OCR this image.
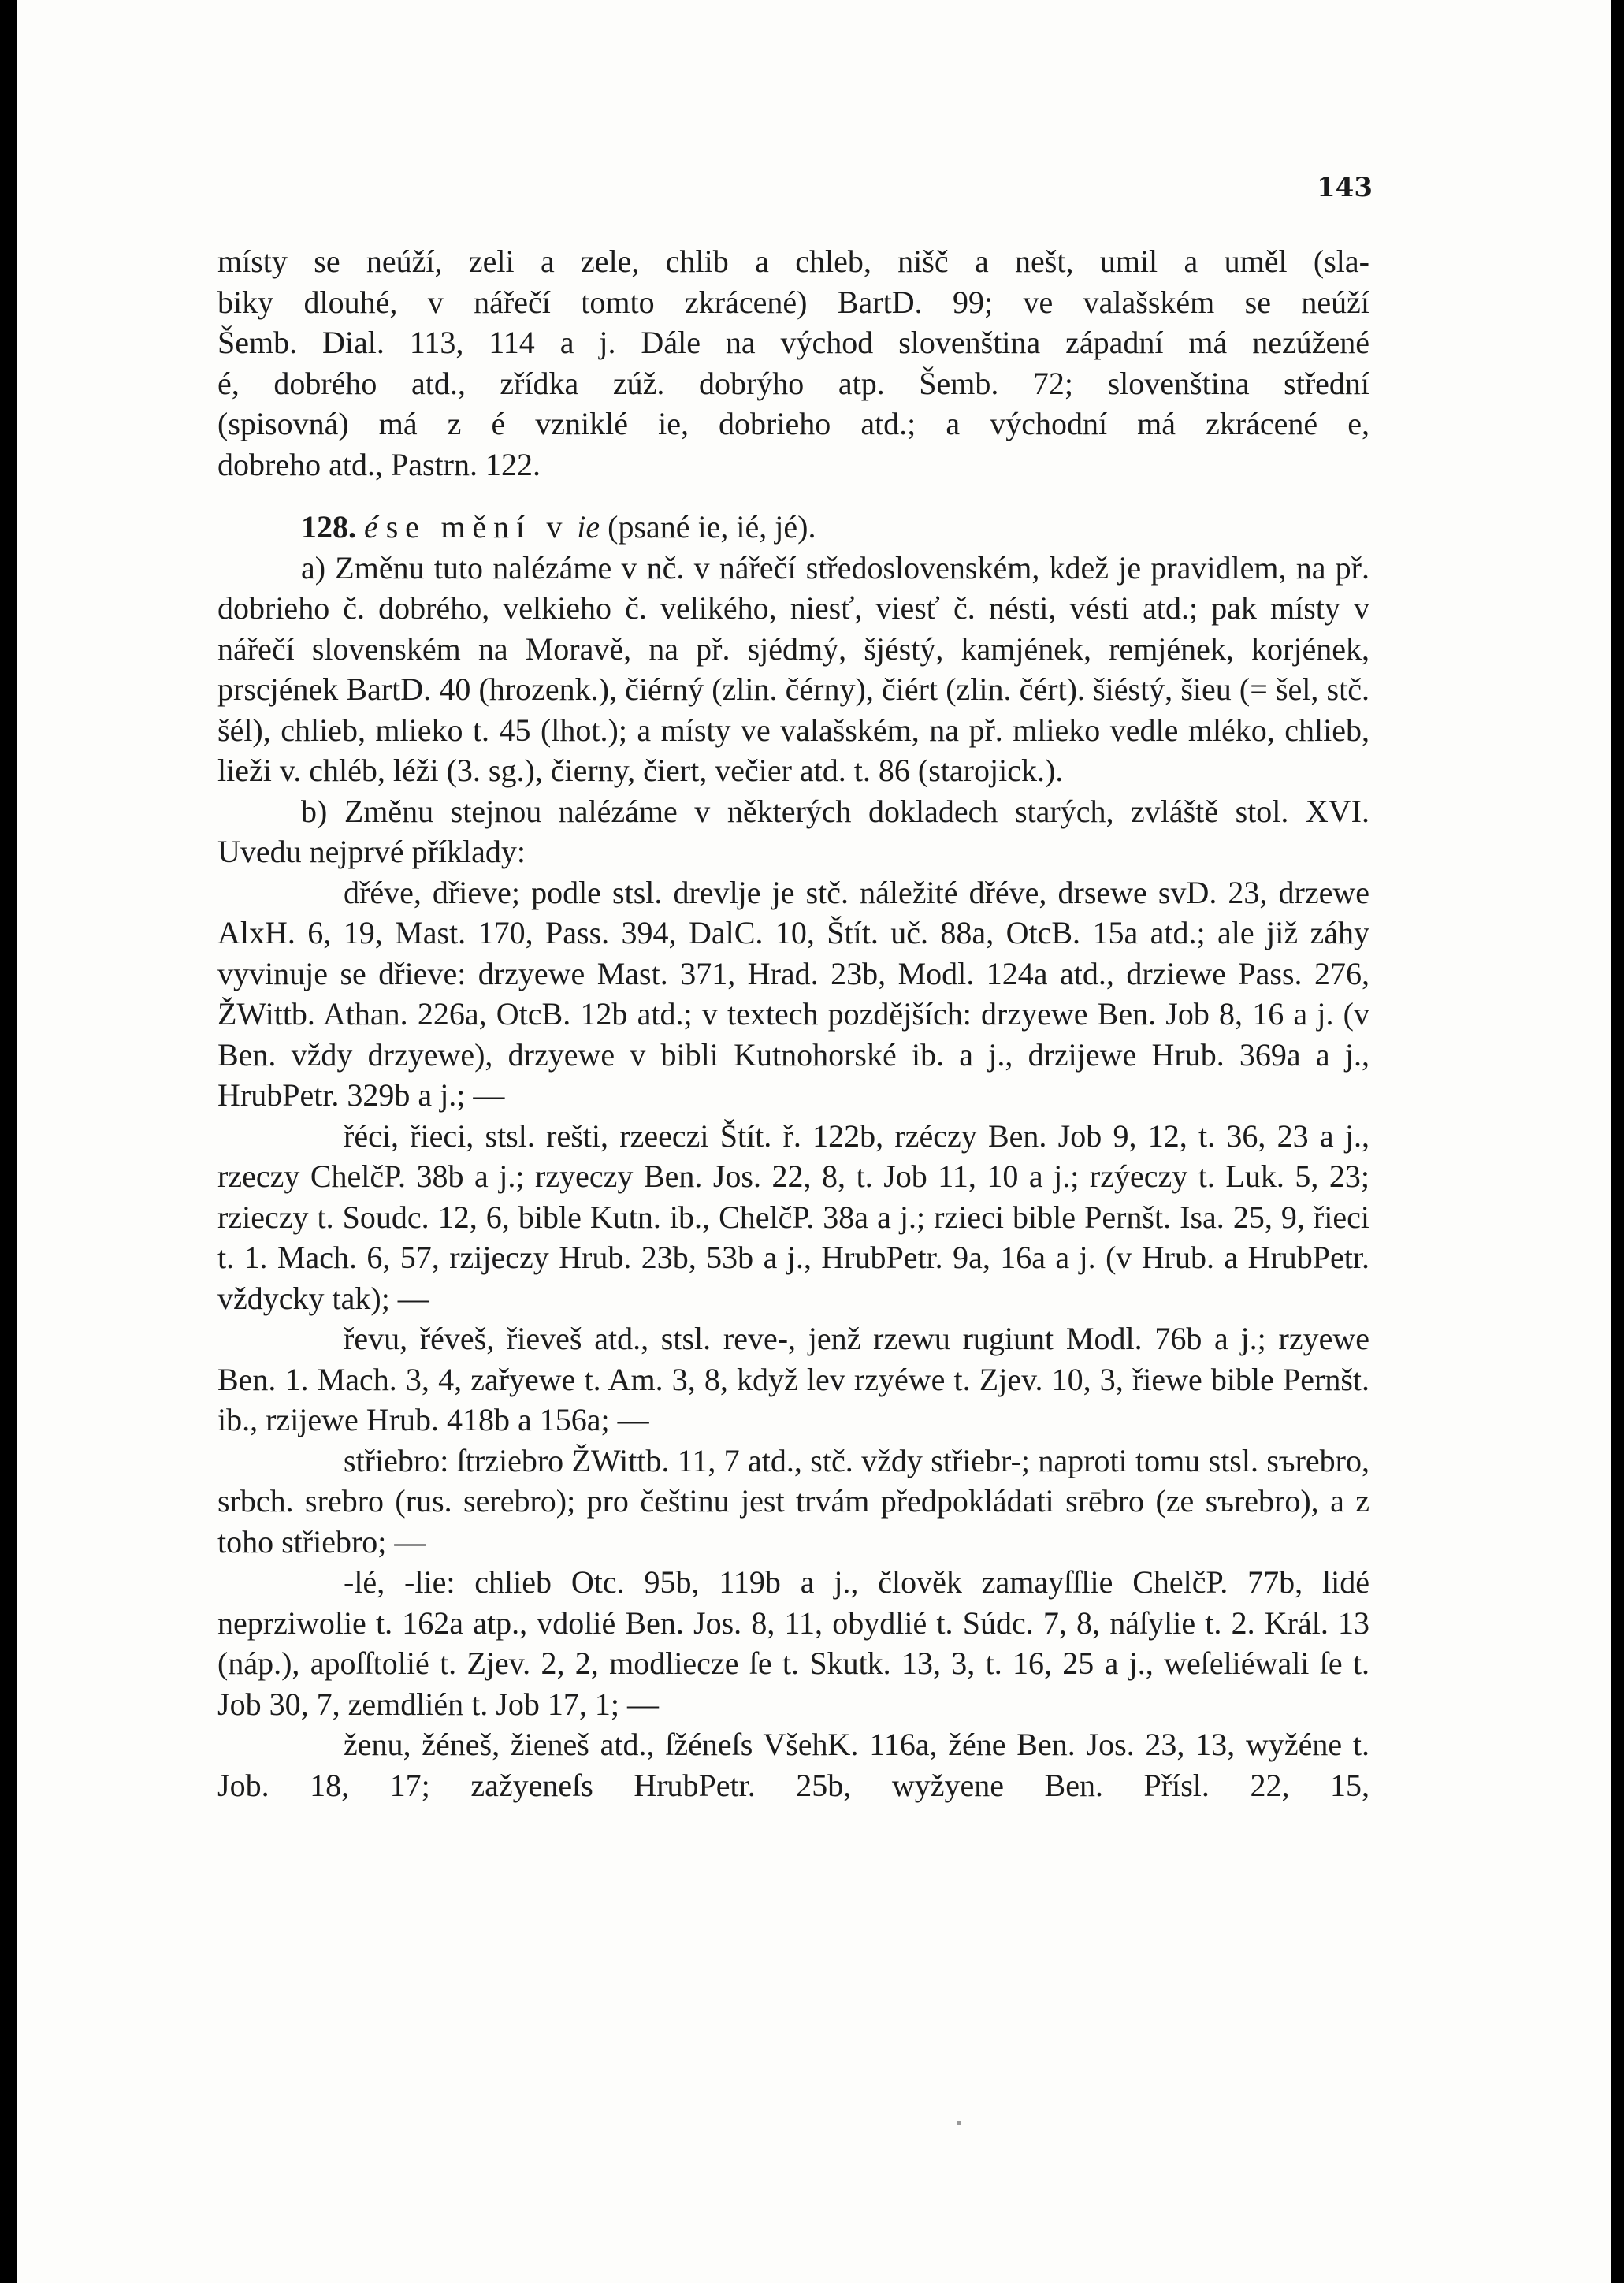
143

místy se neúží, zeli a zele, chlib a chleb, nišč a nešt, umil a uměl (sla-

biky dlouhé, v nářečí tomto zkrácené) BartD. 99; ve valašském se neúží

Šemb. Dial. 113, 114 a j. Dále na východ slovenština západní má nezúžené

é, dobrého atd., zřídka zúž. dobrýho atp. Šemb. 72; slovenština střední

(spisovná) má z é vzniklé ie, dobrieho atd.; a východní má zkrácené e,

dobreho atd., Pastrn. 122.

128. é se mění v ie (psané ie, ié, jé).

a) Změnu tuto nalézáme v nč. v nářečí středoslovenském, kdež je pravidlem, na př. dobrieho č. dobrého, velkieho č. velikého, niesť, viesť č. nésti, vésti atd.; pak místy v nářečí slovenském na Moravě, na př. sjédmý, šjéstý, kamjének, remjének, korjének, prscjének BartD. 40 (hrozenk.), čiérný (zlin. čérny), čiért (zlin. čért). šiéstý, šieu (= šel, stč. šél), chlieb, mlieko t. 45 (lhot.); a místy ve valašském, na př. mlieko vedle mléko, chlieb, lieži v. chléb, léži (3. sg.), čierny, čiert, večier atd. t. 86 (starojick.).

b) Změnu stejnou nalézáme v některých dokladech starých, zvláště stol. XVI. Uvedu nejprvé příklady:

dřéve, dřieve; podle stsl. drevlje je stč. náležité dřéve, drsewe svD. 23, drzewe AlxH. 6, 19, Mast. 170, Pass. 394, DalC. 10, Štít. uč. 88a, OtcB. 15a atd.; ale již záhy vyvinuje se dřieve: drzyewe Mast. 371, Hrad. 23b, Modl. 124a atd., drziewe Pass. 276, ŽWittb. Athan. 226a, OtcB. 12b atd.; v textech pozdějších: drzyewe Ben. Job 8, 16 a j. (v Ben. vždy drzyewe), drzyewe v bibli Kutnohorské ib. a j., drzijewe Hrub. 369a a j., HrubPetr. 329b a j.; —

řéci, řieci, stsl. rešti, rzeeczi Štít. ř. 122b, rzéczy Ben. Job 9, 12, t. 36, 23 a j., rzeczy ChelčP. 38b a j.; rzyeczy Ben. Jos. 22, 8, t. Job 11, 10 a j.; rzýeczy t. Luk. 5, 23; rzieczy t. Soudc. 12, 6, bible Kutn. ib., ChelčP. 38a a j.; rzieci bible Pernšt. Isa. 25, 9, řieci t. 1. Mach. 6, 57, rzijeczy Hrub. 23b, 53b a j., HrubPetr. 9a, 16a a j. (v Hrub. a HrubPetr. vždycky tak); —

řevu, řéveš, řieveš atd., stsl. reve-, jenž rzewu rugiunt Modl. 76b a j.; rzyewe Ben. 1. Mach. 3, 4, zařyewe t. Am. 3, 8, když lev rzyéwe t. Zjev. 10, 3, řiewe bible Pernšt. ib., rzijewe Hrub. 418b a 156a; —

střiebro: ſtrziebro ŽWittb. 11, 7 atd., stč. vždy střiebr-; naproti tomu stsl. sъrebro, srbch. srebro (rus. serebro); pro češtinu jest trvám předpokládati srēbro (ze sъrebro), a z toho střiebro; —

-lé, -lie: chlieb Otc. 95b, 119b a j., člověk zamayſſlie ChelčP. 77b, lidé neprziwolie t. 162a atp., vdolié Ben. Jos. 8, 11, obydlié t. Súdc. 7, 8, náſylie t. 2. Král. 13 (náp.), apoſſtolié t. Zjev. 2, 2, modliecze ſe t. Skutk. 13, 3, t. 16, 25 a j., weſeliéwali ſe t. Job 30, 7, zemdlién t. Job 17, 1; —

ženu, žéneš, žieneš atd., ſžéneſs VšehK. 116a, žéne Ben. Jos. 23, 13, wyžéne t. Job. 18, 17; zažyeneſs HrubPetr. 25b, wyžyene Ben. Přísl. 22, 15,
